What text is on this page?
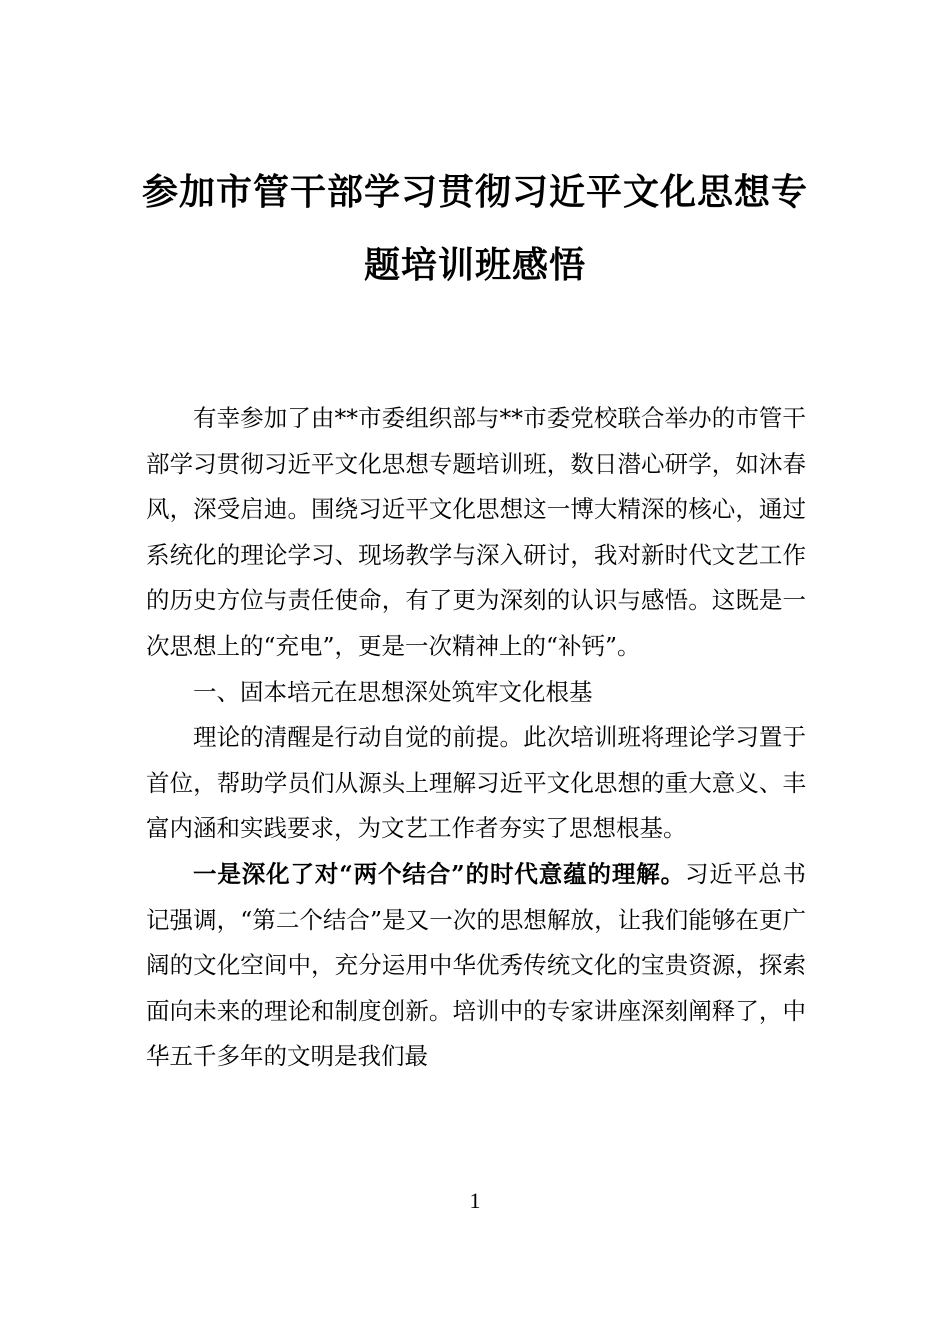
参加市管干部学习贯彻习近平文化思想专
题培训班感悟

有幸参加了由**市委组织部与**市委党校联合举办的市管干部学习贯彻习近平文化思想专题培训班，数日潜心研学，如沐春风，深受启迪。围绕习近平文化思想这一博大精深的核心，通过系统化的理论学习、现场教学与深入研讨，我对新时代文艺工作的历史方位与责任使命，有了更为深刻的认识与感悟。这既是一次思想上的“充电”，更是一次精神上的“补钙”。

一、固本培元在思想深处筑牢文化根基

理论的清醒是行动自觉的前提。此次培训班将理论学习置于首位，帮助学员们从源头上理解习近平文化思想的重大意义、丰富内涵和实践要求，为文艺工作者夯实了思想根基。

一是深化了对“两个结合”的时代意蕴的理解。习近平总书记强调，“第二个结合”是又一次的思想解放，让我们能够在更广阔的文化空间中，充分运用中华优秀传统文化的宝贵资源，探索面向未来的理论和制度创新。培训中的专家讲座深刻阐释了，中华五千多年的文明是我们最

1
